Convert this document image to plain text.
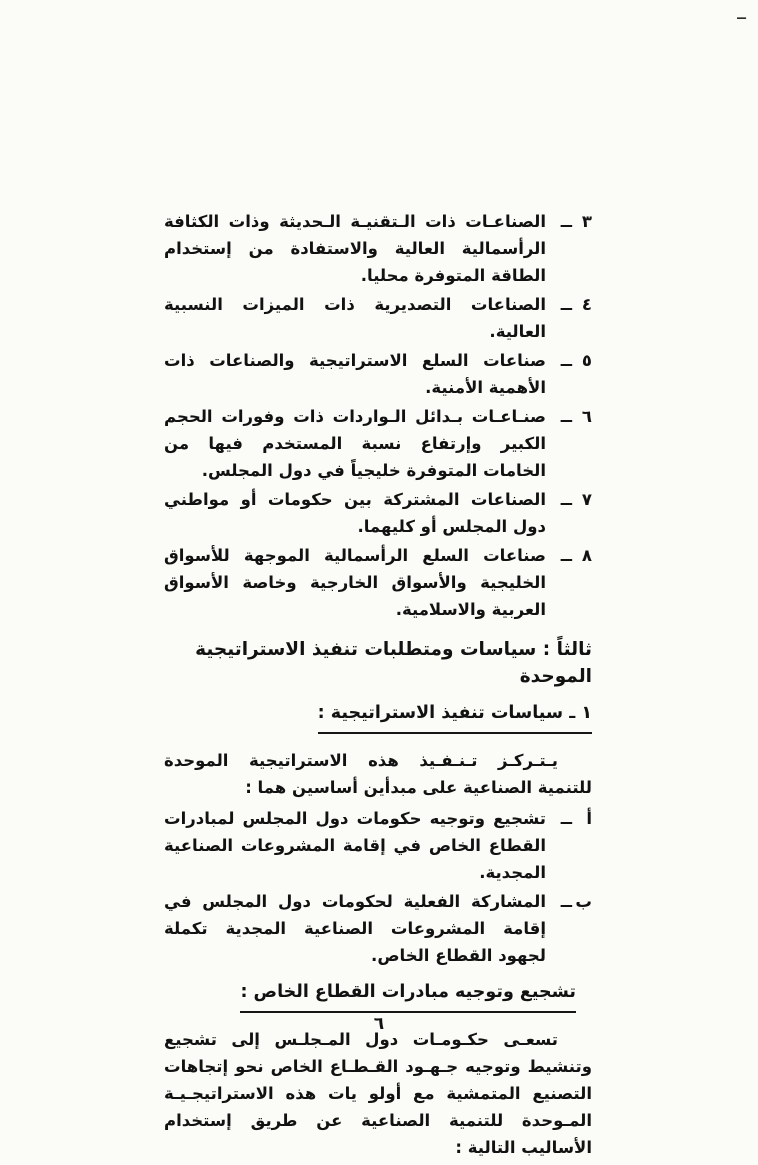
ــ
٣
ــ
الصناعـات ذات الـتقنيـة الـحديثة وذات الكثافة الرأسمالية العالية والاستفادة من إستخدام الطاقة المتوفرة محليا.
٤
ــ
الصناعات التصديرية ذات الميزات النسبية العالية.
٥
ــ
صناعات السلع الاستراتيجية والصناعات ذات الأهمية الأمنية.
٦
ــ
صنـاعـات بـدائل الـواردات ذات وفورات الحجم الكبير وإرتفاع نسبة المستخدم فيها من الخامات المتوفرة خليجياً في دول المجلس.
٧
ــ
الصناعات المشتركة بين حكومات أو مواطني دول المجلس أو كليهما.
٨
ــ
صناعات السلع الرأسمالية الموجهة للأسواق الخليجية والأسواق الخارجية وخاصة الأسواق العربية والاسلامية.
ثالثاً : سياسات ومتطلبات تنفيذ الاستراتيجية الموحدة
١ ـ سياسات تنفيذ الاستراتيجية :

يـتـركـز تـنـفـيذ هذه الاستراتيجية الموحدة للتنمية الصناعية على مبدأين أساسين هما :

أ
ــ
تشجيع وتوجيه حكومات دول المجلس لمبادرات القطاع الخاص في إقامة المشروعات الصناعية المجدية.
ب
ــ
المشاركة الفعلية لحكومات دول المجلس في إقامة المشروعات الصناعية المجدية تكملة لجهود القطاع الخاص.
تشجيع وتوجيه مبادرات القطاع الخاص :

تسعـى حكـومـات دول المـجلـس إلى تشجيع وتنشيط وتوجيه جـهـود القـطـاع الخاص نحو إتجاهات التصنيع المتمشية مع أولو يات هذه الاستراتيجـيـة المـوحدة للتنمية الصناعية عن طريق إستخدام الأساليب التالية :

٦
